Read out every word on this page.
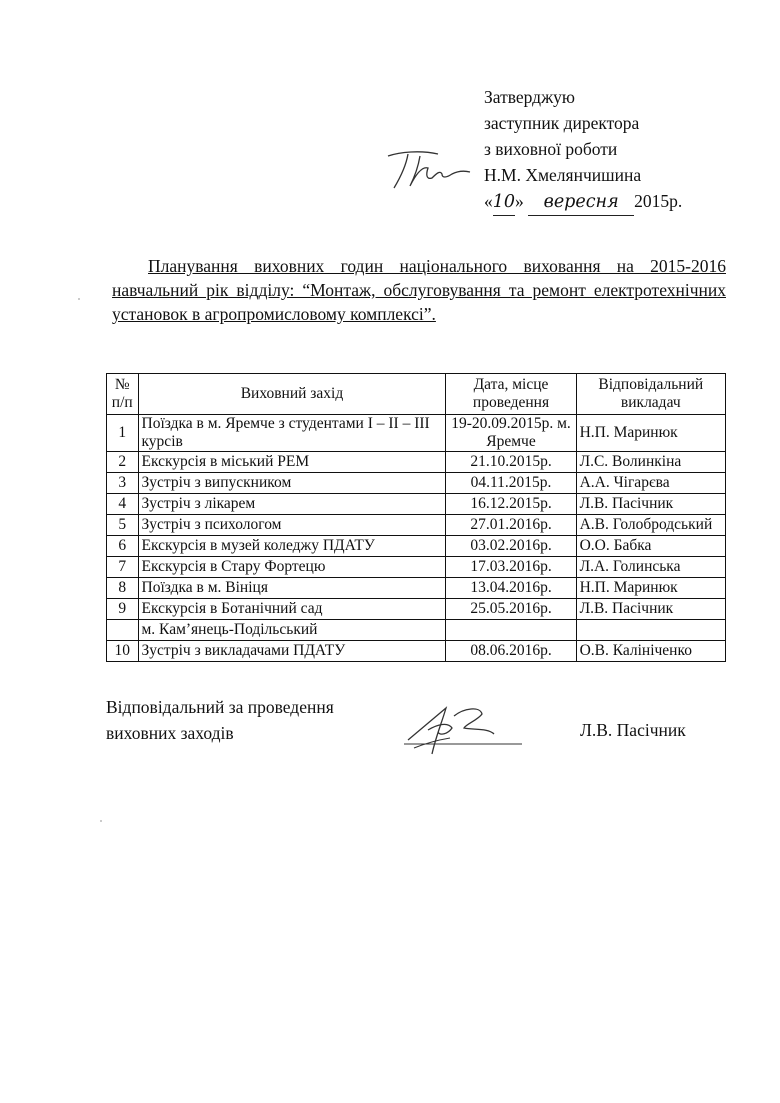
Затверджую
заступник директора
з виховної роботи
Н.М. Хмелянчишина
«10» вересня 2015р.
Планування виховних годин національного виховання на 2015-2016 навчальний рік відділу: “Монтаж, обслуговування та ремонт електротехнічних установок в агропромисловому комплексі”.
№ п/п	Виховний захід	Дата, місце проведення	Відповідальний викладач
1	Поїздка в м. Яремче з студентами І – ІІ – ІІІ курсів	19-20.09.2015р. м. Яремче	Н.П. Маринюк
2	Екскурсія в міський РЕМ	21.10.2015р.	Л.С. Волинкіна
3	Зустріч з випускником	04.11.2015р.	А.А. Чігарєва
4	Зустріч з лікарем	16.12.2015р.	Л.В. Пасічник
5	Зустріч з психологом	27.01.2016р.	А.В. Голобродський
6	Екскурсія в музей коледжу ПДАТУ	03.02.2016р.	О.О. Бабка
7	Екскурсія в Стару Фортецю	17.03.2016р.	Л.А. Голинська
8	Поїздка в м. Вініця	13.04.2016р.	Н.П. Маринюк
9	Екскурсія в Ботанічний сад	25.05.2016р.	Л.В. Пасічник
	м. Кам’янець-Подільський		
10	Зустріч з викладачами ПДАТУ	08.06.2016р.	О.В. Калініченко
Відповідальний за проведення
виховних заходів	Л.В. Пасічник
